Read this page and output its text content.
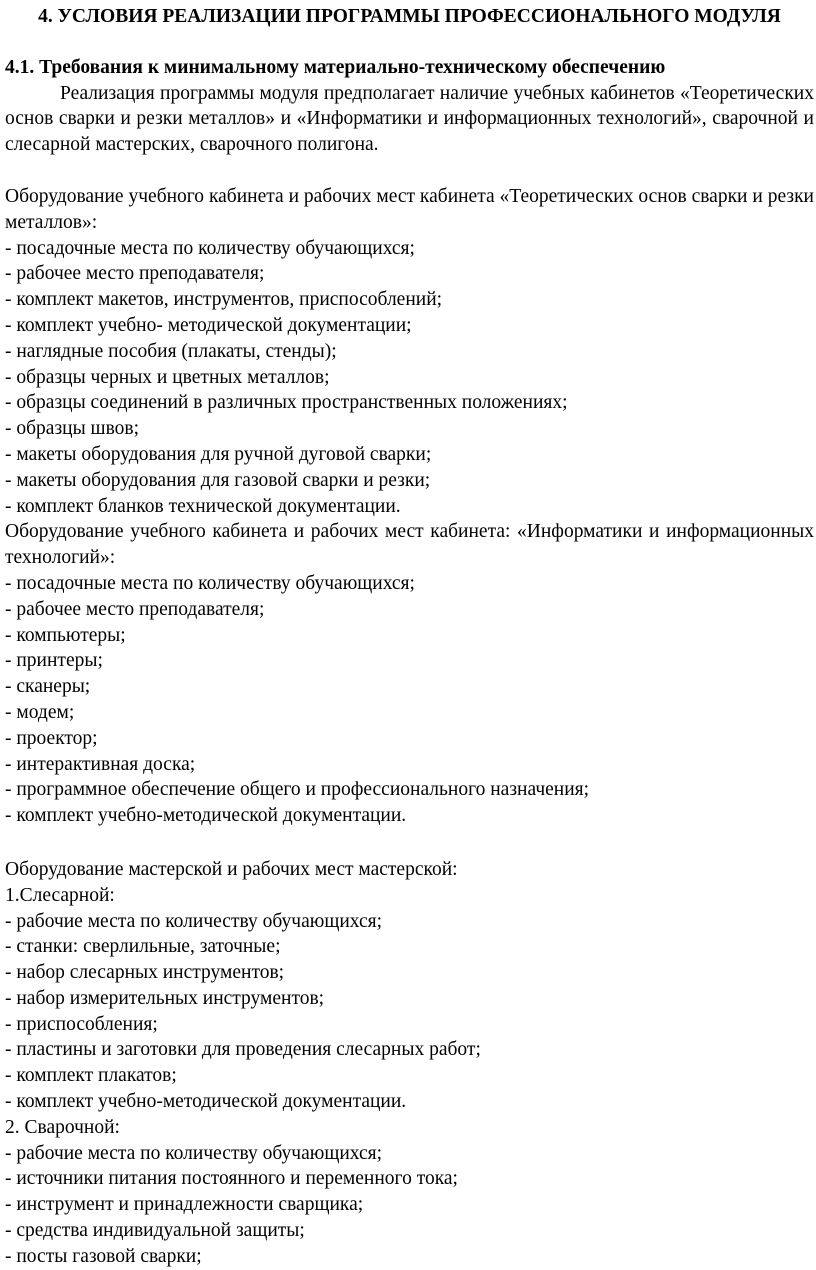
4. УСЛОВИЯ РЕАЛИЗАЦИИ ПРОГРАММЫ ПРОФЕССИОНАЛЬНОГО МОДУЛЯ
4.1. Требования к минимальному материально-техническому обеспечению

Реализация программы модуля предполагает наличие учебных кабинетов «Теоретических основ сварки и резки металлов» и «Информатики и информационных технологий», сварочной и слесарной мастерских, сварочного полигона.

Оборудование учебного кабинета и рабочих мест кабинета «Теоретических основ сварки и резки металлов»:

- посадочные места по количеству обучающихся;
- рабочее место преподавателя;
- комплект макетов, инструментов, приспособлений;
- комплект учебно- методической документации;
- наглядные пособия (плакаты, стенды);
- образцы черных и цветных металлов;
- образцы соединений в различных пространственных положениях;
- образцы швов;
- макеты оборудования для ручной дуговой сварки;
- макеты оборудования для газовой сварки и резки;
- комплект бланков технической документации.

Оборудование учебного кабинета и рабочих мест кабинета: «Информатики и информационных технологий»:

- посадочные места по количеству обучающихся;
- рабочее место преподавателя;
- компьютеры;
- принтеры;
- сканеры;
- модем;
- проектор;
- интерактивная доска;
- программное обеспечение общего и профессионального назначения;
- комплект учебно-методической документации.

Оборудование мастерской и рабочих мест мастерской:

1.Слесарной:

- рабочие места по количеству обучающихся;
- станки: сверлильные, заточные;
- набор слесарных инструментов;
- набор измерительных инструментов;
- приспособления;
- пластины и заготовки для проведения слесарных работ;
- комплект плакатов;
- комплект учебно-методической документации.

2. Сварочной:

- рабочие места по количеству обучающихся;
- источники питания постоянного и переменного тока;
- инструмент и принадлежности сварщика;
- средства индивидуальной защиты;
- посты газовой сварки;
